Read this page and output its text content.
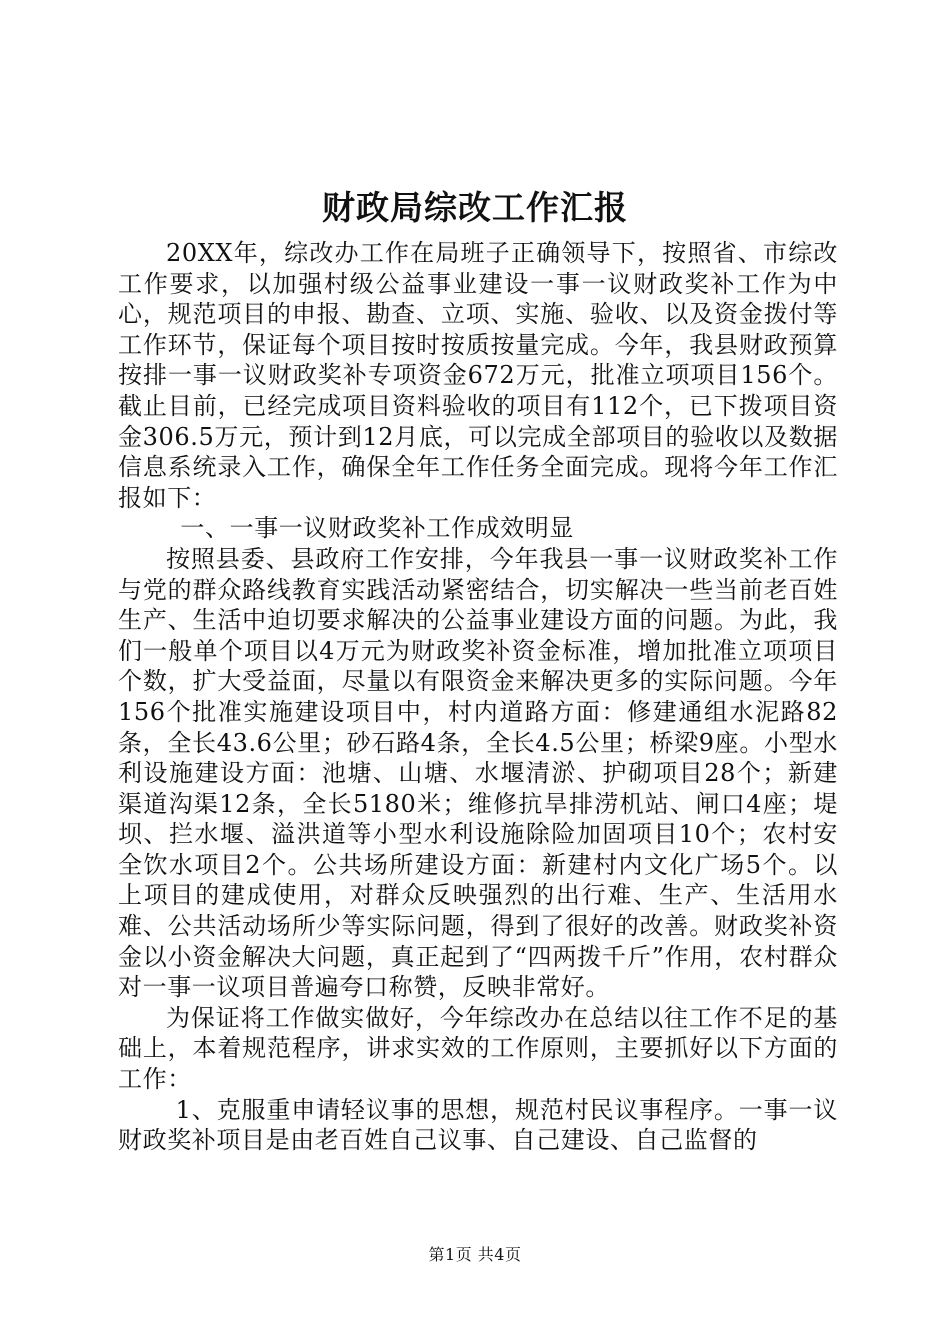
财政局综改工作汇报

20XX年，综改办工作在局班子正确领导下，按照省、市综改工作要求，以加强村级公益事业建设一事一议财政奖补工作为中心，规范项目的申报、勘查、立项、实施、验收、以及资金拨付等工作环节，保证每个项目按时按质按量完成。今年，我县财政预算按排一事一议财政奖补专项资金672万元，批准立项项目156个。截止目前，已经完成项目资料验收的项目有112个，已下拨项目资金306.5万元，预计到12月底，可以完成全部项目的验收以及数据信息系统录入工作，确保全年工作任务全面完成。现将今年工作汇报如下：

一、一事一议财政奖补工作成效明显

按照县委、县政府工作安排，今年我县一事一议财政奖补工作与党的群众路线教育实践活动紧密结合，切实解决一些当前老百姓生产、生活中迫切要求解决的公益事业建设方面的问题。为此，我们一般单个项目以4万元为财政奖补资金标准，增加批准立项项目个数，扩大受益面，尽量以有限资金来解决更多的实际问题。今年156个批准实施建设项目中，村内道路方面：修建通组水泥路82条，全长43.6公里；砂石路4条，全长4.5公里；桥梁9座。小型水利设施建设方面：池塘、山塘、水堰清淤、护砌项目28个；新建渠道沟渠12条，全长5180米；维修抗旱排涝机站、闸口4座；堤坝、拦水堰、溢洪道等小型水利设施除险加固项目10个；农村安全饮水项目2个。公共场所建设方面：新建村内文化广场5个。以上项目的建成使用，对群众反映强烈的出行难、生产、生活用水难、公共活动场所少等实际问题，得到了很好的改善。财政奖补资金以小资金解决大问题，真正起到了“四两拨千斤”作用，农村群众对一事一议项目普遍夸口称赞，反映非常好。

为保证将工作做实做好，今年综改办在总结以往工作不足的基础上，本着规范程序，讲求实效的工作原则，主要抓好以下方面的工作：

1、克服重申请轻议事的思想，规范村民议事程序。一事一议财政奖补项目是由老百姓自己议事、自己建设、自己监督的

第1页 共4页
